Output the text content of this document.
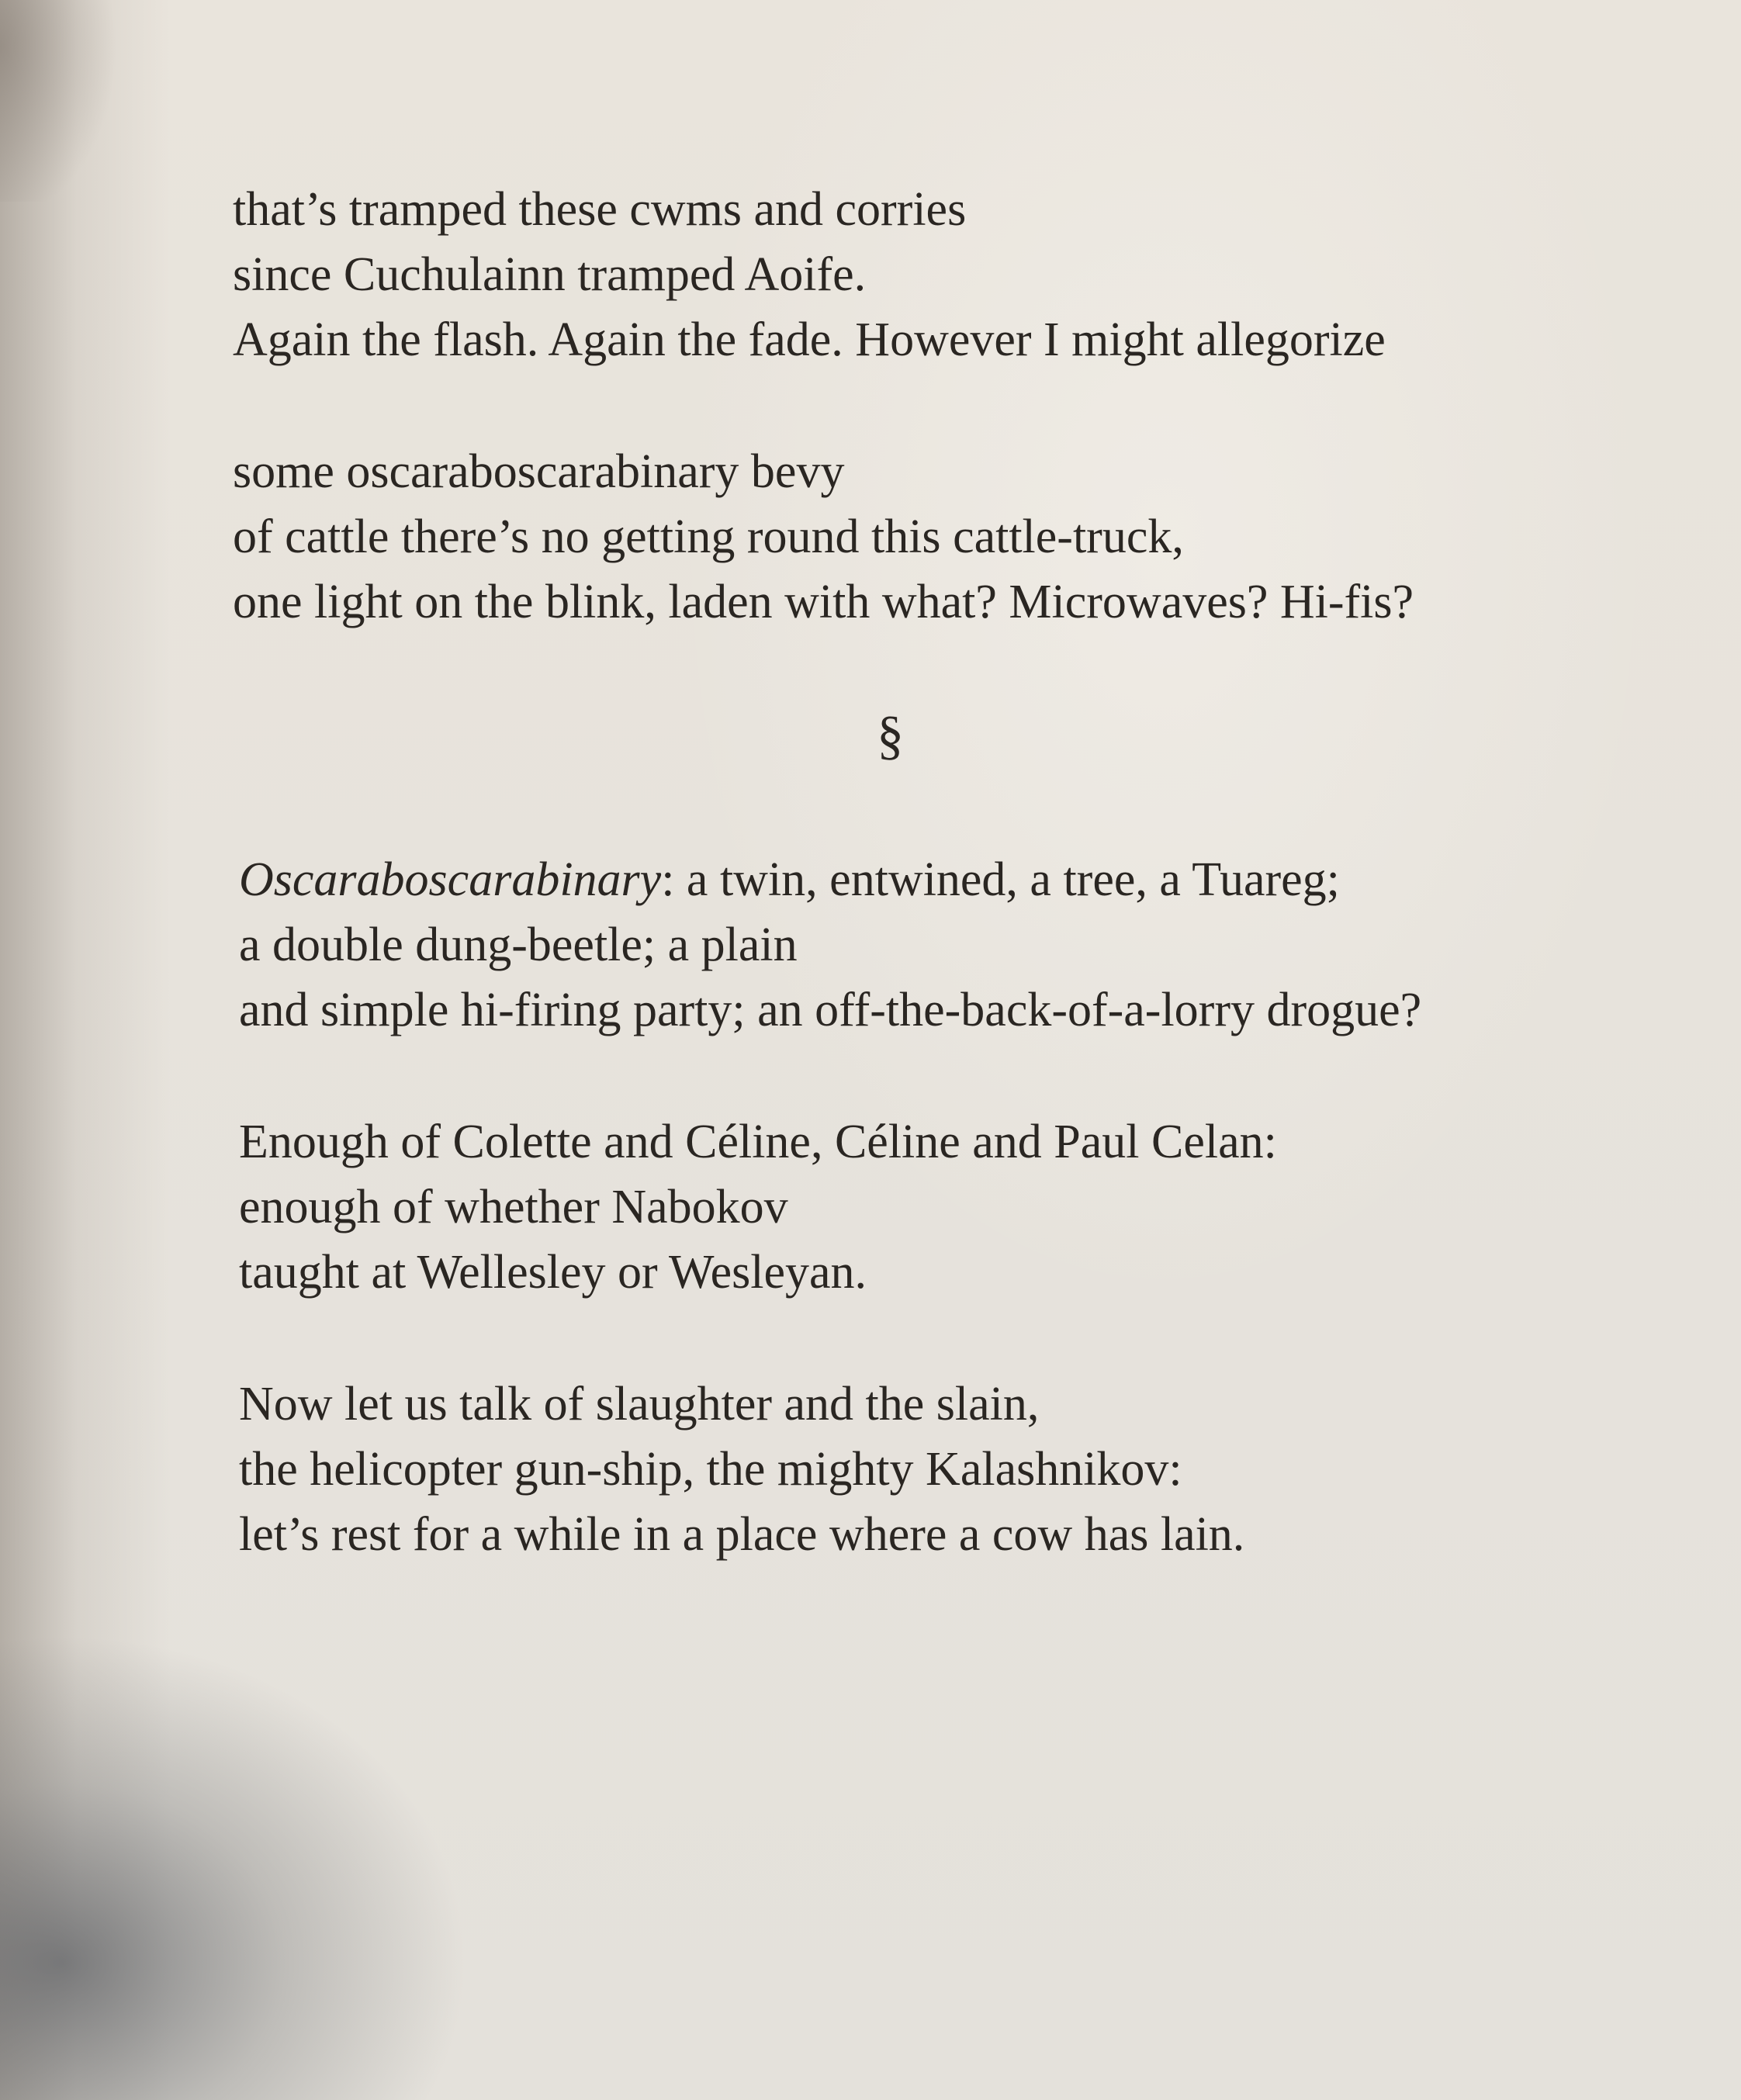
that’s tramped these cwms and corries
since Cuchulainn tramped Aoife.
Again the flash. Again the fade. However I might allegorize
some oscaraboscarabinary bevy
of cattle there’s no getting round this cattle-truck,
one light on the blink, laden with what? Microwaves? Hi-fis?
§
Oscaraboscarabinary: a twin, entwined, a tree, a Tuareg;
a double dung-beetle; a plain
and simple hi-firing party; an off-the-back-of-a-lorry drogue?
Enough of Colette and Céline, Céline and Paul Celan:
enough of whether Nabokov
taught at Wellesley or Wesleyan.
Now let us talk of slaughter and the slain,
the helicopter gun-ship, the mighty Kalashnikov:
let’s rest for a while in a place where a cow has lain.
